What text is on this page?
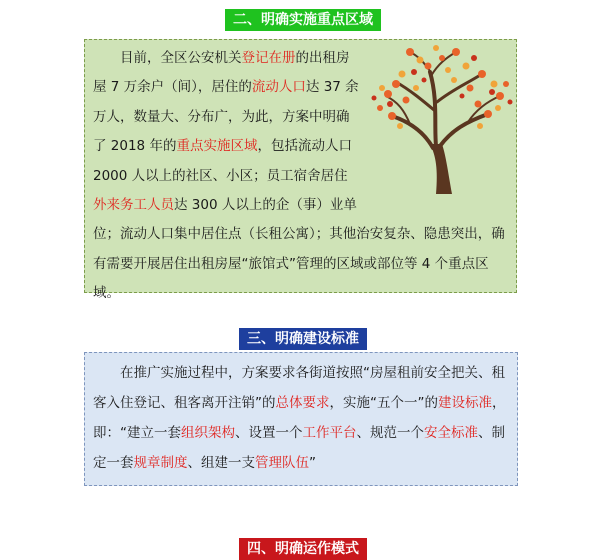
二、明确实施重点区域

目前，全区公安机关登记在册的出租房屋 7 万余户（间），居住的流动人口达 37 余万人，数量大、分布广，为此，方案中明确了 2018 年的重点实施区域，包括流动人口 2000 人以上的社区、小区；员工宿舍居住外来务工人员达 300 人以上的企（事）业单位；流动人口集中居住点（长租公寓）；其他治安复杂、隐患突出，确有需要开展居住出租房屋“旅馆式”管理的区域或部位等 4 个重点区域。

三、明确建设标准

在推广实施过程中，方案要求各街道按照“房屋租前安全把关、租客入住登记、租客离开注销”的总体要求，实施“五个一”的建设标准，即：“建立一套组织架构、设置一个工作平台、规范一个安全标准、制定一套规章制度、组建一支管理队伍”

四、明确运作模式
